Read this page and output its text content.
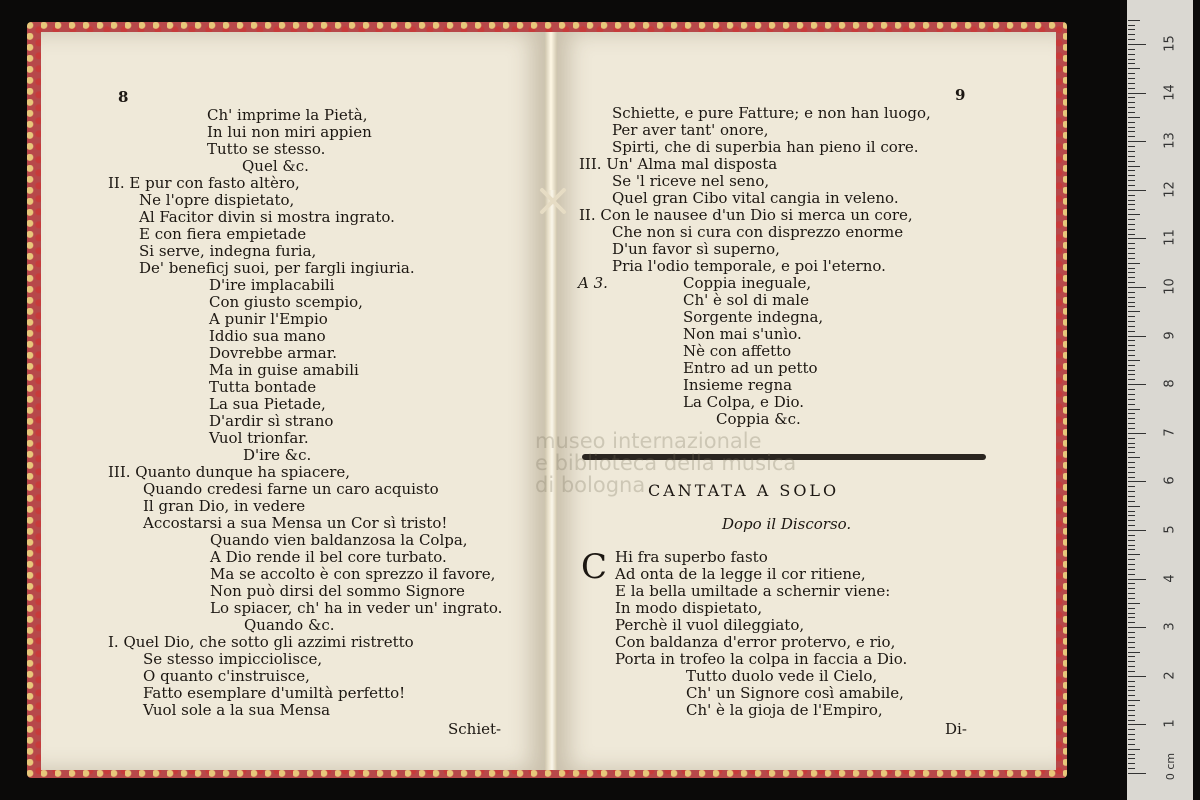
8
Ch' imprime la Pietà,
In lui non miri appien
Tutto se stesso.
Quel &c.
II. E pur con fasto altèro,
Ne l'opre dispietato,
Al Facitor divin si mostra ingrato.
E con fiera empietade
Si serve, indegna furia,
De' beneficj suoi, per fargli ingiuria.
D'ire implacabili
Con giusto scempio,
A punir l'Empio
Iddio sua mano
Dovrebbe armar.
Ma in guise amabili
Tutta bontade
La sua Pietade,
D'ardir sì strano
Vuol trionfar.
D'ire &c.
III. Quanto dunque ha spiacere,
Quando credesi farne un caro acquisto
Il gran Dio, in vedere
Accostarsi a sua Mensa un Cor sì tristo!
Quando vien baldanzosa la Colpa,
A Dio rende il bel core turbato.
Ma se accolto è con sprezzo il favore,
Non può dirsi del sommo Signore
Lo spiacer, ch' ha in veder un' ingrato.
Quando &c.
I. Quel Dio, che sotto gli azzimi ristretto
Se stesso impicciolisce,
O quanto c'instruisce,
Fatto esemplare d'umiltà perfetto!
Vuol sole a la sua Mensa
Schiet-
9
Schiette, e pure Fatture; e non han luogo,
Per aver tant' onore,
Spirti, che di superbia han pieno il core.
III. Un' Alma mal disposta
Se 'l riceve nel seno,
Quel gran Cibo vital cangia in veleno.
II. Con le nausee d'un Dio si merca un core,
Che non si cura con disprezzo enorme
D'un favor sì superno,
Pria l'odio temporale, e poi l'eterno.
A 3.	Coppia ineguale,
Ch' è sol di male
Sorgente indegna,
Non mai s'unìo.
Nè con affetto
Entro ad un petto
Insieme regna
La Colpa, e Dio.
Coppia &c.
CANTATA A SOLO
Dopo il Discorso.
C Hi fra superbo fasto
Ad onta de la legge il cor ritiene,
E la bella umiltade a schernir viene:
In modo dispietato,
Perchè il vuol dileggiato,
Con baldanza d'error protervo, e rio,
Porta in trofeo la colpa in faccia a Dio.
Tutto duolo vede il Cielo,
Ch' un Signore così amabile,
Ch' è la gioja de l'Empiro,
Di-
museo internazionale
e biblioteca della musica
di bologna
1
2
3
4
5
6
7
8
9
10
11
12
13
14
15
0 cm
